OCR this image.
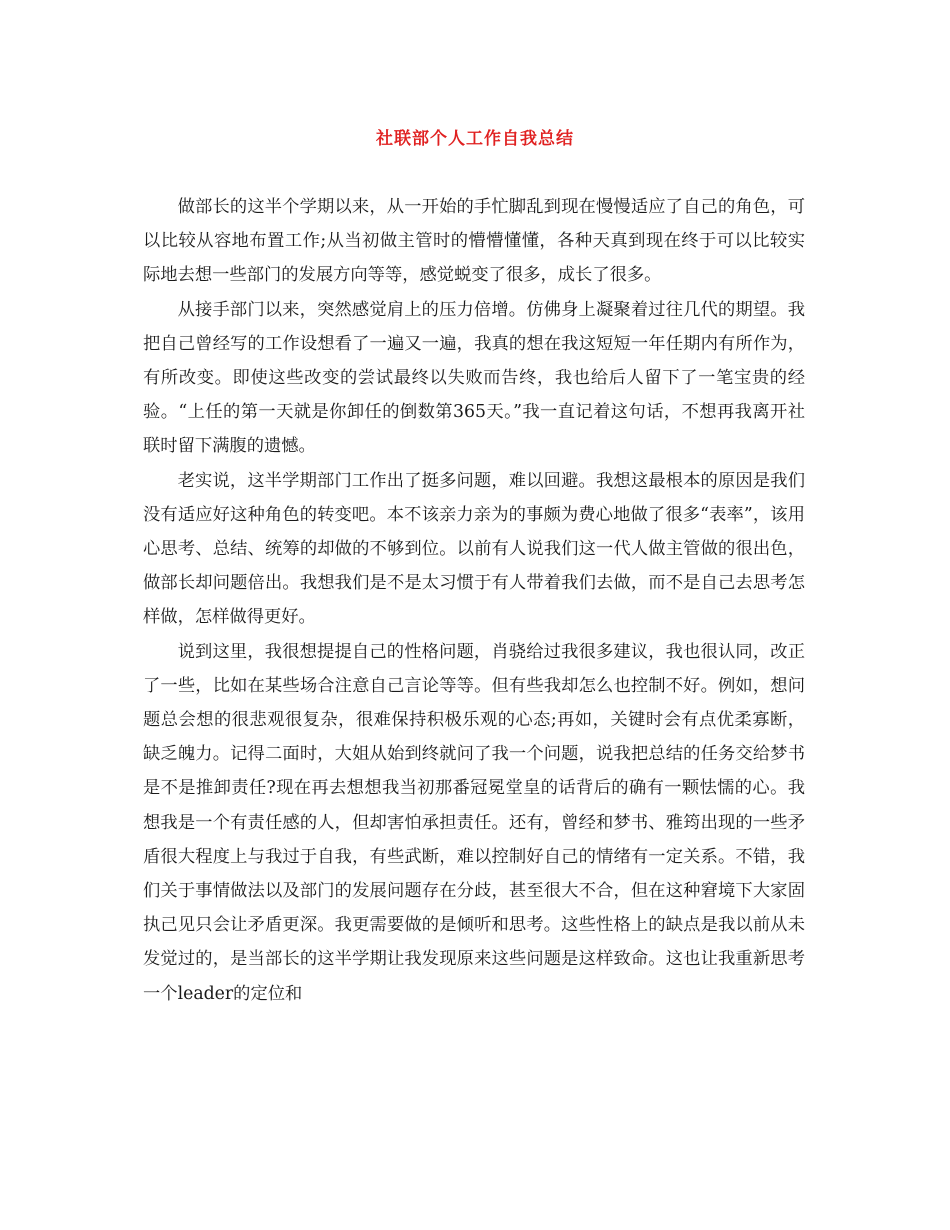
社联部个人工作自我总结

做部长的这半个学期以来，从一开始的手忙脚乱到现在慢慢适应了自己的角色，可以比较从容地布置工作;从当初做主管时的懵懵懂懂，各种天真到现在终于可以比较实际地去想一些部门的发展方向等等，感觉蜕变了很多，成长了很多。

从接手部门以来，突然感觉肩上的压力倍增。仿佛身上凝聚着过往几代的期望。我把自己曾经写的工作设想看了一遍又一遍，我真的想在我这短短一年任期内有所作为，有所改变。即使这些改变的尝试最终以失败而告终，我也给后人留下了一笔宝贵的经验。“上任的第一天就是你卸任的倒数第365天。”我一直记着这句话，不想再我离开社联时留下满腹的遗憾。

老实说，这半学期部门工作出了挺多问题，难以回避。我想这最根本的原因是我们没有适应好这种角色的转变吧。本不该亲力亲为的事颇为费心地做了很多“表率”，该用心思考、总结、统筹的却做的不够到位。以前有人说我们这一代人做主管做的很出色，做部长却问题倍出。我想我们是不是太习惯于有人带着我们去做，而不是自己去思考怎样做，怎样做得更好。

说到这里，我很想提提自己的性格问题，肖骁给过我很多建议，我也很认同，改正了一些，比如在某些场合注意自己言论等等。但有些我却怎么也控制不好。例如，想问题总会想的很悲观很复杂，很难保持积极乐观的心态;再如，关键时会有点优柔寡断，缺乏魄力。记得二面时，大姐从始到终就问了我一个问题，说我把总结的任务交给梦书是不是推卸责任?现在再去想想我当初那番冠冕堂皇的话背后的确有一颗怯懦的心。我想我是一个有责任感的人，但却害怕承担责任。还有，曾经和梦书、雅筠出现的一些矛盾很大程度上与我过于自我，有些武断，难以控制好自己的情绪有一定关系。不错，我们关于事情做法以及部门的发展问题存在分歧，甚至很大不合，但在这种窘境下大家固执己见只会让矛盾更深。我更需要做的是倾听和思考。这些性格上的缺点是我以前从未发觉过的，是当部长的这半学期让我发现原来这些问题是这样致命。这也让我重新思考一个leader的定位和
